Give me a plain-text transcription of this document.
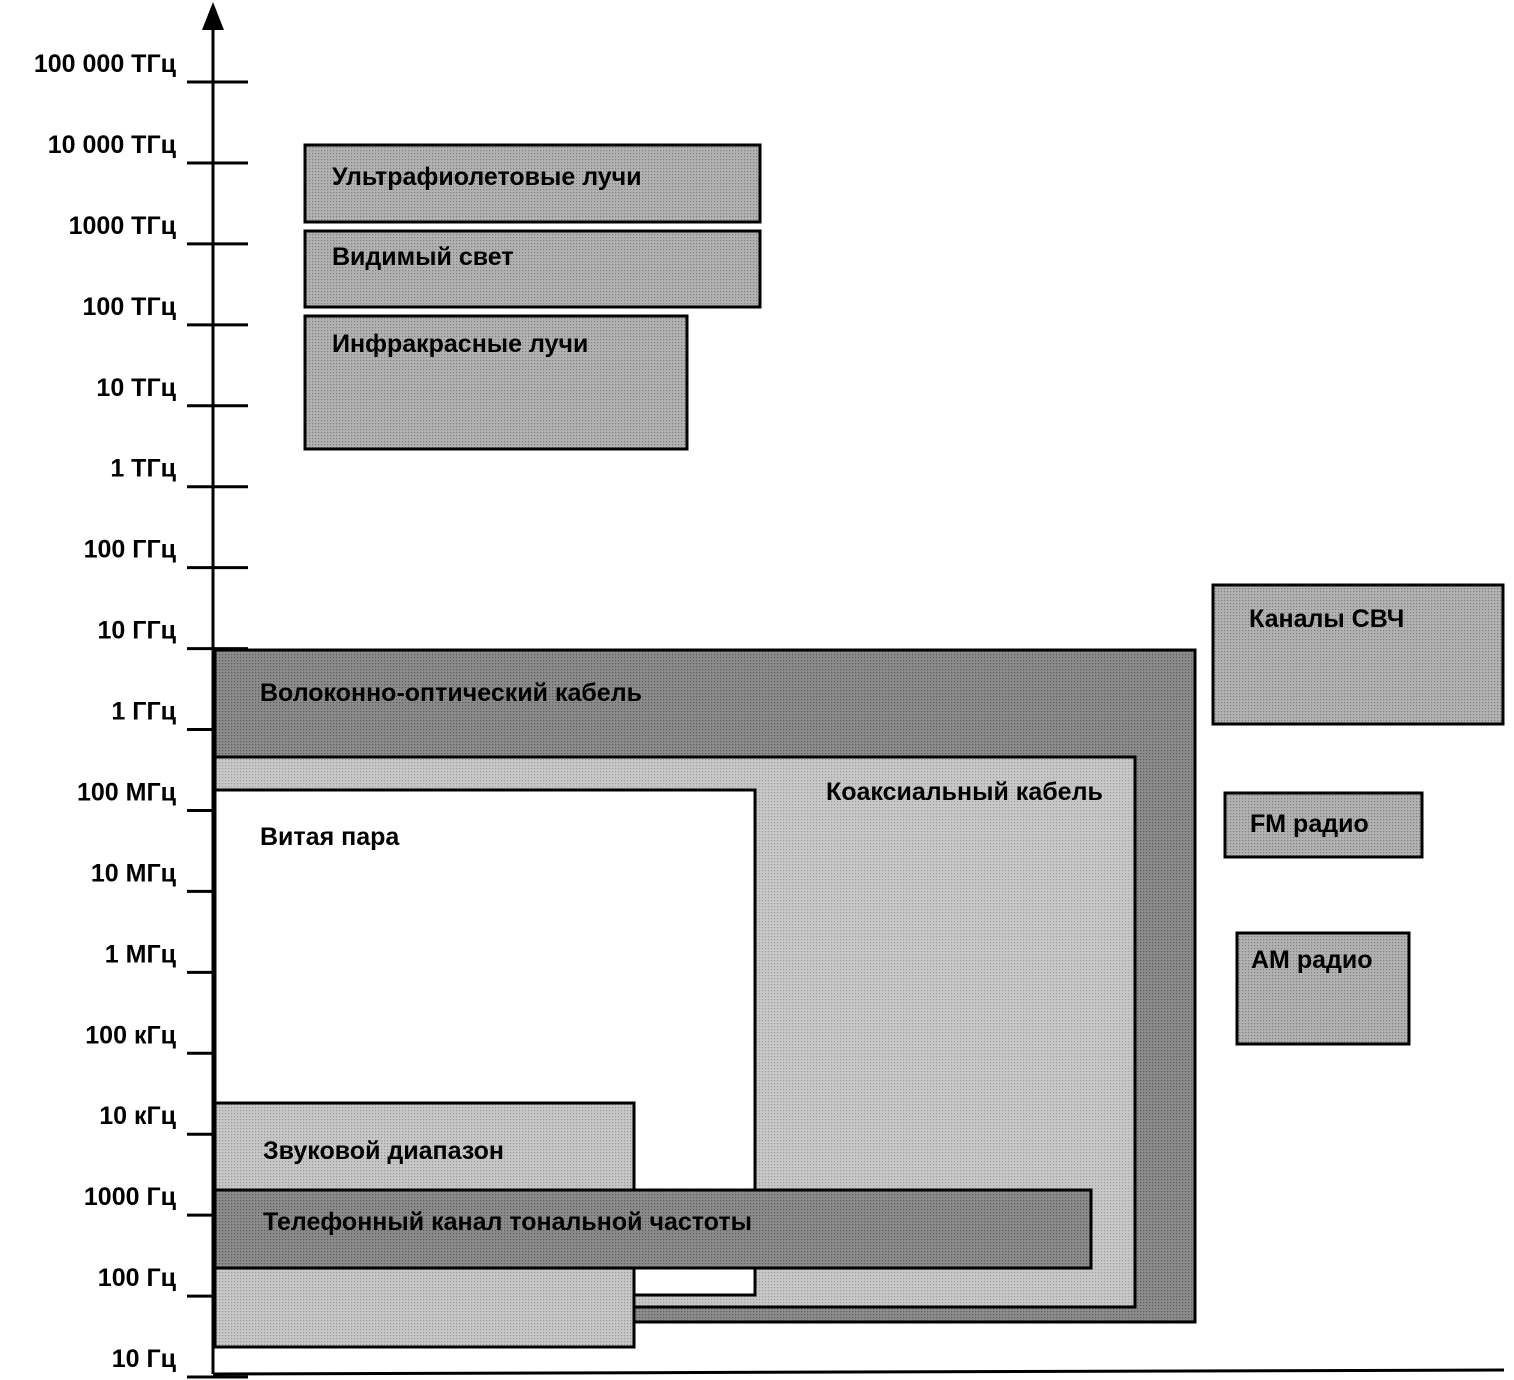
100 000 ТГц
10 000 ТГц
1000 ТГц
100 ТГц
10 ТГц
1 ТГц
100 ГГц
10 ГГц
1 ГГц
100 МГц
10 МГц
1 МГц
100 кГц
10 кГц
1000 Гц
100 Гц
10 Гц
Ультрафиолетовые лучи
Видимый свет
Инфракрасные лучи
Каналы СВЧ
Волоконно-оптический кабель
Коаксиальный кабель
FM радио
Витая пара
AM радио
Звуковой диапазон
Телефонный канал тональной частоты
